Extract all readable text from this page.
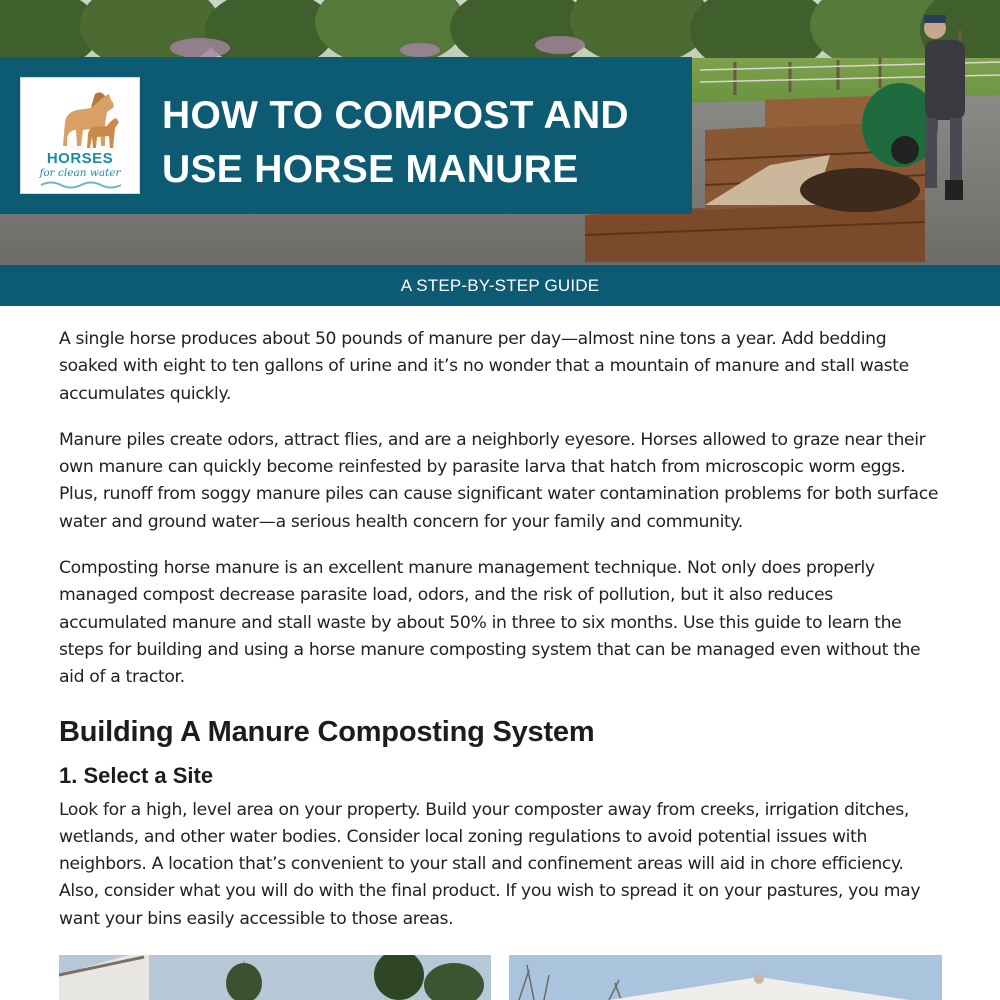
HORSES
for clean water
HOW TO COMPOST AND
USE HORSE MANURE
A STEP-BY-STEP GUIDE

A single horse produces about 50 pounds of manure per day—almost nine tons a year. Add bedding soaked with eight to ten gallons of urine and it’s no wonder that a mountain of manure and stall waste accumulates quickly.

Manure piles create odors, attract flies, and are a neighborly eyesore. Horses allowed to graze near their own manure can quickly become reinfested by parasite larva that hatch from microscopic worm eggs. Plus, runoff from soggy manure piles can cause significant water contamination problems for both surface water and ground water—a serious health concern for your family and community.

Composting horse manure is an excellent manure management technique. Not only does properly managed compost decrease parasite load, odors, and the risk of pollution, but it also reduces accumulated manure and stall waste by about 50% in three to six months. Use this guide to learn the steps for building and using a horse manure composting system that can be managed even without the aid of a tractor.

Building A Manure Composting System
1. Select a Site

Look for a high, level area on your property. Build your composter away from creeks, irrigation ditches, wetlands, and other water bodies. Consider local zoning regulations to avoid potential issues with neighbors. A location that’s convenient to your stall and confinement areas will aid in chore efficiency. Also, consider what you will do with the final product. If you wish to spread it on your pastures, you may want your bins easily accessible to those areas.
